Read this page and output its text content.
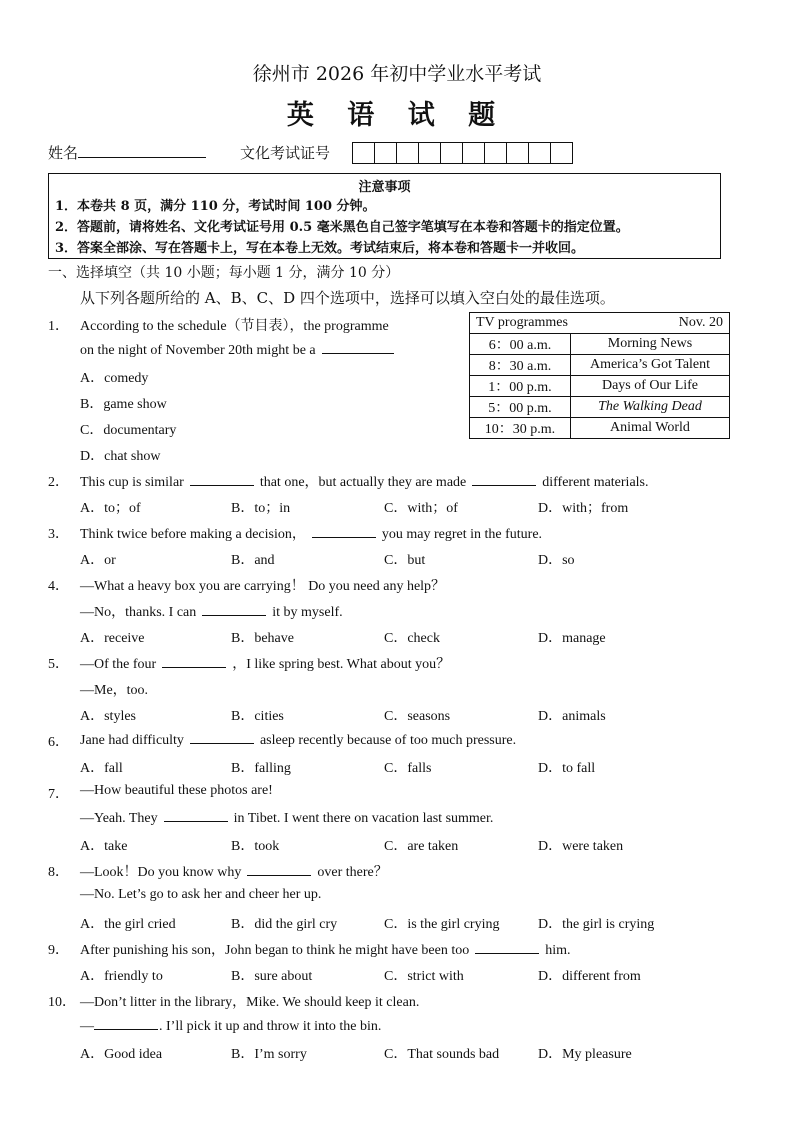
徐州市 2026 年初中学业水平考试
英 语 试 题
姓名	文化考试证号
注意事项
1．本卷共 8 页，满分 110 分，考试时间 100 分钟。
2．答题前，请将姓名、文化考试证号用 0.5 毫米黑色自己签字笔填写在本卷和答题卡的指定位置。
3．答案全部涂、写在答题卡上，写在本卷上无效。考试结束后，将本卷和答题卡一并收回。
一、选择填空（共 10 小题；每小题 1 分，满分 10 分）
从下列各题所给的 A、B、C、D 四个选项中，选择可以填入空白处的最佳选项。
TV programmes Nov. 20	

6：00 a.m.	Morning News
8：30 a.m.	America’s Got Talent
1：00 p.m.	Days of Our Life
5：00 p.m.	The Walking Dead
10：30 p.m.	Animal World
1． According to the schedule（节目表），the programme
on the night of November 20th might be a
A．comedy
B．game show
C．documentary
D．chat show
2． This cup is similar	that one，but actually they are made	different materials.
A．to；of	B．to；in	C．with；of	D．with；from
3． Think twice before making a decision，	you may regret in the future.
A．or	B．and	C．but	D．so
4． —What a heavy box you are carrying！ Do you need any help？
—No，thanks. I can	it by myself.
A．receive	B．behave	C．check	D．manage
5． —Of the four	，I like spring best. What about you？
—Me，too.
A．styles	B．cities	C．seasons	D．animals
6． Jane had difficulty	asleep recently because of too much pressure.
A．fall	B．falling	C．falls	D．to fall
7． —How beautiful these photos are!
—Yeah. They	in Tibet. I went there on vacation last summer.
A．take	B．took	C．are taken	D．were taken
8． —Look！Do you know why	over there？
—No. Let’s go to ask her and cheer her up.
A．the girl cried	B．did the girl cry	C．is the girl crying	D．the girl is crying
9． After punishing his son，John began to think he might have been too	him.
A．friendly to	B．sure about	C．strict with	D．different from
10． —Don’t litter in the library，Mike. We should keep it clean.
—	. I’ll pick it up and throw it into the bin.
A．Good idea	B．I’m sorry	C．That sounds bad	D．My pleasure
